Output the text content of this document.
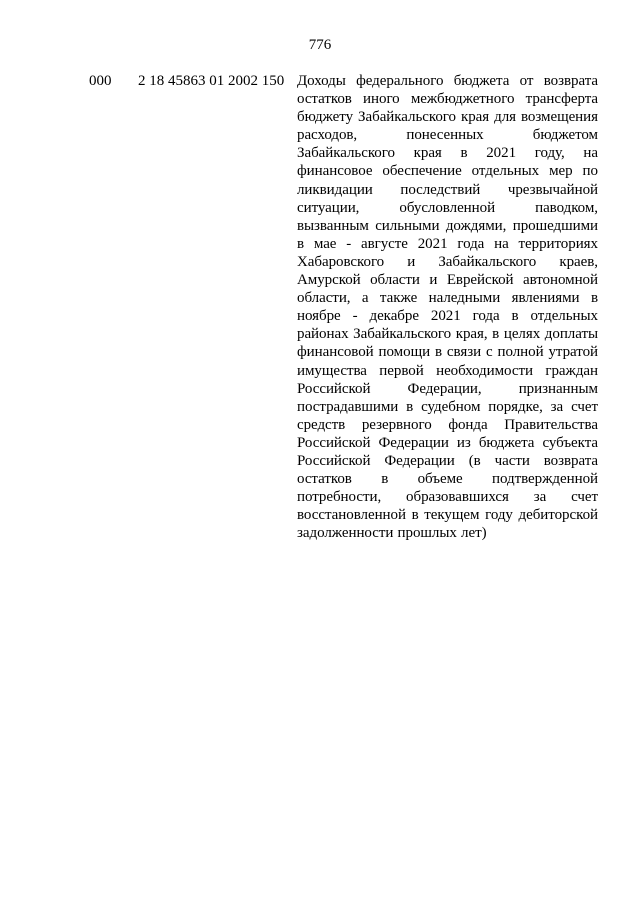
776
000 2 18 45863 01 2002 150 Доходы федерального бюджета от возврата остатков иного межбюджетного трансферта бюджету Забайкальского края для возмещения расходов, понесенных бюджетом Забайкальского края в 2021 году, на финансовое обеспечение отдельных мер по ликвидации последствий чрезвычайной ситуации, обусловленной паводком, вызванным сильными дождями, прошедшими в мае - августе 2021 года на территориях Хабаровского и Забайкальского краев, Амурской области и Еврейской автономной области, а также наледными явлениями в ноябре - декабре 2021 года в отдельных районах Забайкальского края, в целях доплаты финансовой помощи в связи с полной утратой имущества первой необходимости граждан Российской Федерации, признанным пострадавшими в судебном порядке, за счет средств резервного фонда Правительства Российской Федерации из бюджета субъекта Российской Федерации (в части возврата остатков в объеме подтвержденной потребности, образовавшихся за счет восстановленной в текущем году дебиторской задолженности прошлых лет)
